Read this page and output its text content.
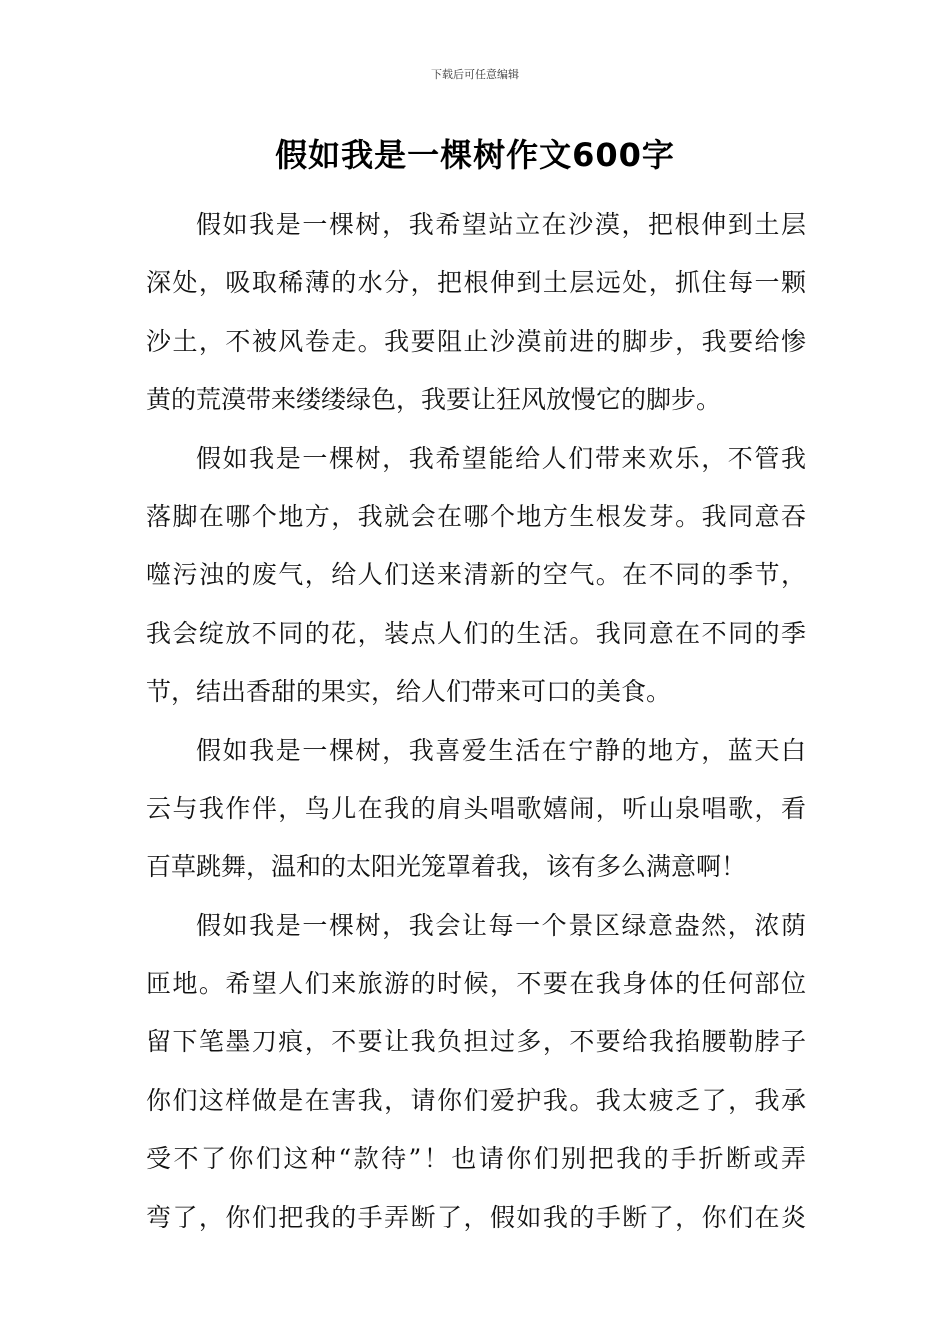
下载后可任意编辑
假如我是一棵树作文600字
假如我是一棵树，我希望站立在沙漠，把根伸到土层
深处，吸取稀薄的水分，把根伸到土层远处，抓住每一颗
沙土，不被风卷走。我要阻止沙漠前进的脚步，我要给惨
黄的荒漠带来缕缕绿色，我要让狂风放慢它的脚步。
假如我是一棵树，我希望能给人们带来欢乐，不管我
落脚在哪个地方，我就会在哪个地方生根发芽。我同意吞
噬污浊的废气，给人们送来清新的空气。在不同的季节，
我会绽放不同的花，装点人们的生活。我同意在不同的季
节，结出香甜的果实，给人们带来可口的美食。
假如我是一棵树，我喜爱生活在宁静的地方，蓝天白
云与我作伴，鸟儿在我的肩头唱歌嬉闹，听山泉唱歌，看
百草跳舞，温和的太阳光笼罩着我，该有多么满意啊！
假如我是一棵树，我会让每一个景区绿意盎然，浓荫
匝地。希望人们来旅游的时候，不要在我身体的任何部位
留下笔墨刀痕，不要让我负担过多，不要给我掐腰勒脖子
你们这样做是在害我，请你们爱护我。我太疲乏了，我承
受不了你们这种“款待”！也请你们别把我的手折断或弄
弯了，你们把我的手弄断了，假如我的手断了，你们在炎
